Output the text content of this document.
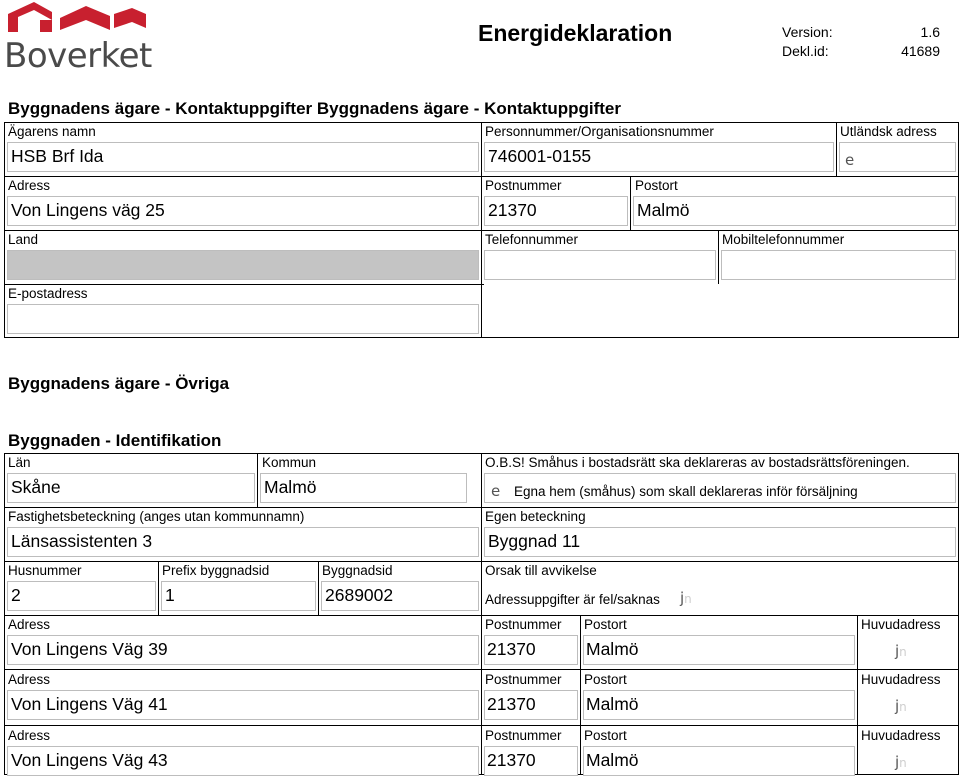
Boverket
Energideklaration	Version:	1.6
Dekl.id:	41689
Byggnadens ägare - Kontaktuppgifter Byggnadens ägare - Kontaktuppgifter
Ägarens namn
HSB Brf Ida
Personnummer/Organisationsnummer
746001-0155
Utländsk adress
e
Adress
Von Lingens väg 25
Postnummer
21370
Postort
Malmö
Land	Telefonnummer	Mobiltelefonnummer
E-postadress
Byggnadens ägare - Övriga
Byggnaden - Identifikation
Län
Skåne
Kommun
Malmö
O.B.S! Småhus i bostadsrätt ska deklareras av bostadsrättsföreningen.
e Egna hem (småhus) som skall deklareras inför försäljning
Fastighetsbeteckning (anges utan kommunnamn)
Länsassistenten 3
Egen beteckning
Byggnad 11
Husnummer
2
Prefix byggnadsid
1
Byggnadsid
2689002
Orsak till avvikelse
Adressuppgifter är fel/saknas jn
Adress
Von Lingens Väg 39
Postnummer
21370
Postort
Malmö
Huvudadress
jn
Adress
Von Lingens Väg 41
Postnummer
21370
Postort
Malmö
Huvudadress
jn
Adress
Von Lingens Väg 43
Postnummer
21370
Postort
Malmö
Huvudadress
jn
